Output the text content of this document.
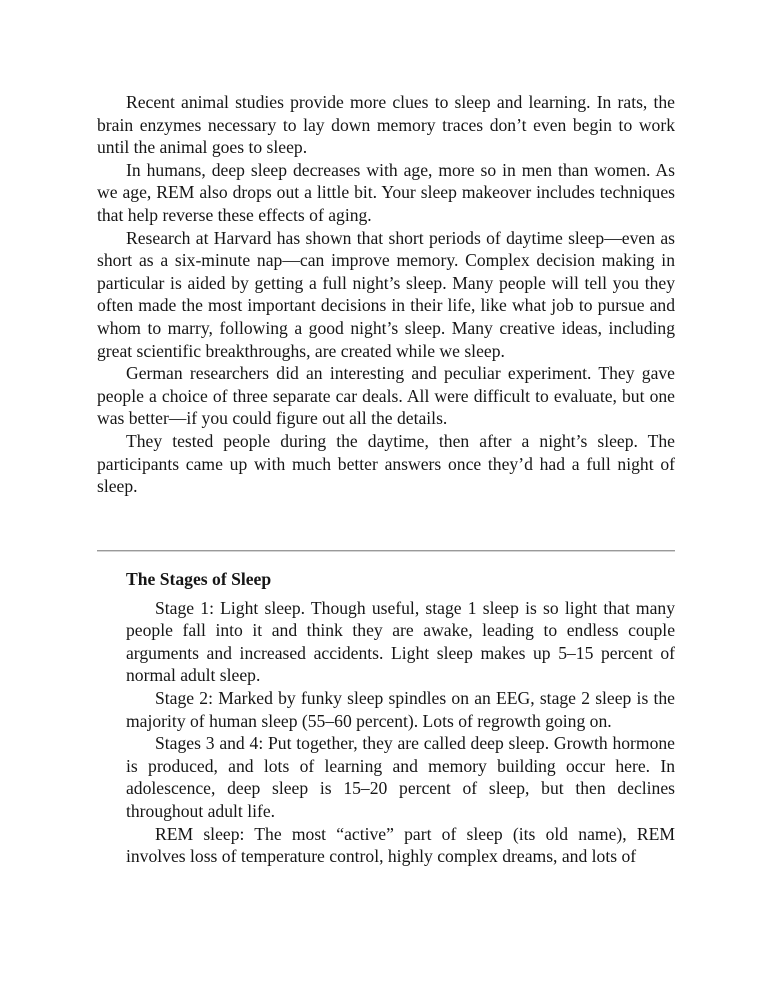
Recent animal studies provide more clues to sleep and learning. In rats, the brain enzymes necessary to lay down memory traces don’t even begin to work until the animal goes to sleep.

In humans, deep sleep decreases with age, more so in men than women. As we age, REM also drops out a little bit. Your sleep makeover includes techniques that help reverse these effects of aging.

Research at Harvard has shown that short periods of daytime sleep—even as short as a six-minute nap—can improve memory. Complex decision making in particular is aided by getting a full night’s sleep. Many people will tell you they often made the most important decisions in their life, like what job to pursue and whom to marry, following a good night’s sleep. Many creative ideas, including great scientific breakthroughs, are created while we sleep.

German researchers did an interesting and peculiar experiment. They gave people a choice of three separate car deals. All were difficult to evaluate, but one was better—if you could figure out all the details.

They tested people during the daytime, then after a night’s sleep. The participants came up with much better answers once they’d had a full night of sleep.

The Stages of Sleep

Stage 1: Light sleep. Though useful, stage 1 sleep is so light that many people fall into it and think they are awake, leading to endless couple arguments and increased accidents. Light sleep makes up 5–15 percent of normal adult sleep.

Stage 2: Marked by funky sleep spindles on an EEG, stage 2 sleep is the majority of human sleep (55–60 percent). Lots of regrowth going on.

Stages 3 and 4: Put together, they are called deep sleep. Growth hormone is produced, and lots of learning and memory building occur here. In adolescence, deep sleep is 15–20 percent of sleep, but then declines throughout adult life.

REM sleep: The most “active” part of sleep (its old name), REM involves loss of temperature control, highly complex dreams, and lots of
